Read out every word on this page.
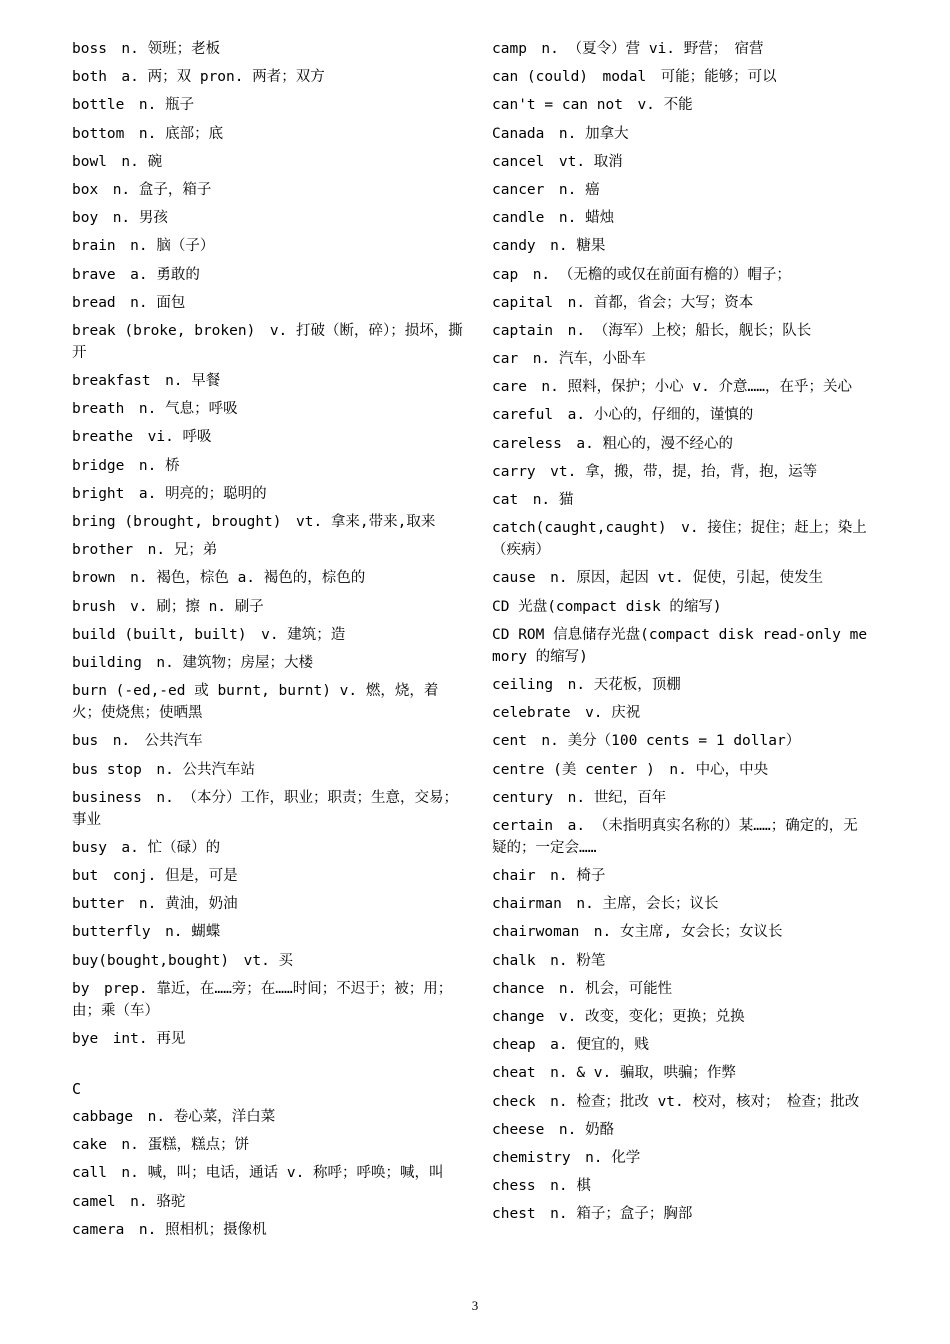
boss　n. 领班；老板
both　a. 两；双 pron. 两者；双方
bottle　n. 瓶子
bottom　n. 底部；底
bowl　n. 碗
box　n. 盒子，箱子
boy　n. 男孩
brain　n. 脑（子）
brave　a. 勇敢的
bread　n. 面包
break (broke, broken)　v. 打破（断，碎）；损坏，撕开
breakfast　n. 早餐
breath　n. 气息；呼吸
breathe　vi. 呼吸
bridge　n. 桥
bright　a. 明亮的；聪明的
bring (brought, brought)　vt. 拿来,带来,取来
brother　n. 兄；弟
brown　n. 褐色，棕色 a. 褐色的，棕色的
brush　v. 刷；擦 n. 刷子
build (built, built)　v. 建筑；造
building　n. 建筑物；房屋；大楼
burn (-ed,-ed 或 burnt, burnt) v. 燃，烧，着火；使烧焦；使晒黑
bus　n.　公共汽车
bus stop　n. 公共汽车站
business　n. （本分）工作，职业；职责；生意，交易；事业
busy　a. 忙（碌）的
but　conj. 但是，可是
butter　n. 黄油，奶油
butterfly　n. 蝴蝶
buy(bought,bought)　vt. 买
by　prep. 靠近，在……旁；在……时间；不迟于；被；用；由；乘（车）
bye　int. 再见
C
cabbage　n. 卷心菜，洋白菜
cake　n. 蛋糕，糕点；饼
call　n. 喊，叫；电话，通话 v. 称呼；呼唤；喊，叫
camel　n. 骆驼
camera　n. 照相机；摄像机
camp　n. （夏令）营 vi. 野营；　宿营
can (could)　modal　可能；能够；可以
can't = can not　v. 不能
Canada　n. 加拿大
cancel　vt. 取消
cancer　n. 癌
candle　n. 蜡烛
candy　n. 糖果
cap　n. （无檐的或仅在前面有檐的）帽子；
capital　n. 首都，省会；大写；资本
captain　n. （海军）上校；船长，舰长；队长
car　n. 汽车，小卧车
care　n. 照料，保护；小心 v. 介意……，在乎；关心
careful　a. 小心的，仔细的，谨慎的
careless　a. 粗心的，漫不经心的
carry　vt. 拿，搬，带，提，抬，背，抱，运等
cat　n. 猫
catch(caught,caught)　v. 接住；捉住；赶上；染上（疾病）
cause　n. 原因，起因 vt. 促使，引起，使发生
CD 光盘(compact disk 的缩写)
CD ROM 信息储存光盘(compact disk read-only memory 的缩写)
ceiling　n. 天花板，顶棚
celebrate　v. 庆祝
cent　n. 美分（100 cents = 1 dollar）
centre (美 center )　n. 中心，中央
century　n. 世纪，百年
certain　a. （未指明真实名称的）某……；确定的，无疑的；一定会……
chair　n. 椅子
chairman　n. 主席，会长；议长
chairwoman　n. 女主席, 女会长；女议长
chalk　n. 粉笔
chance　n. 机会，可能性
change　v. 改变，变化；更换；兑换
cheap　a. 便宜的，贱
cheat　n. & v. 骗取，哄骗；作弊
check　n. 检查；批改 vt. 校对，核对；　检查；批改
cheese　n. 奶酪
chemistry　n. 化学
chess　n. 棋
chest　n. 箱子；盒子；胸部
3
